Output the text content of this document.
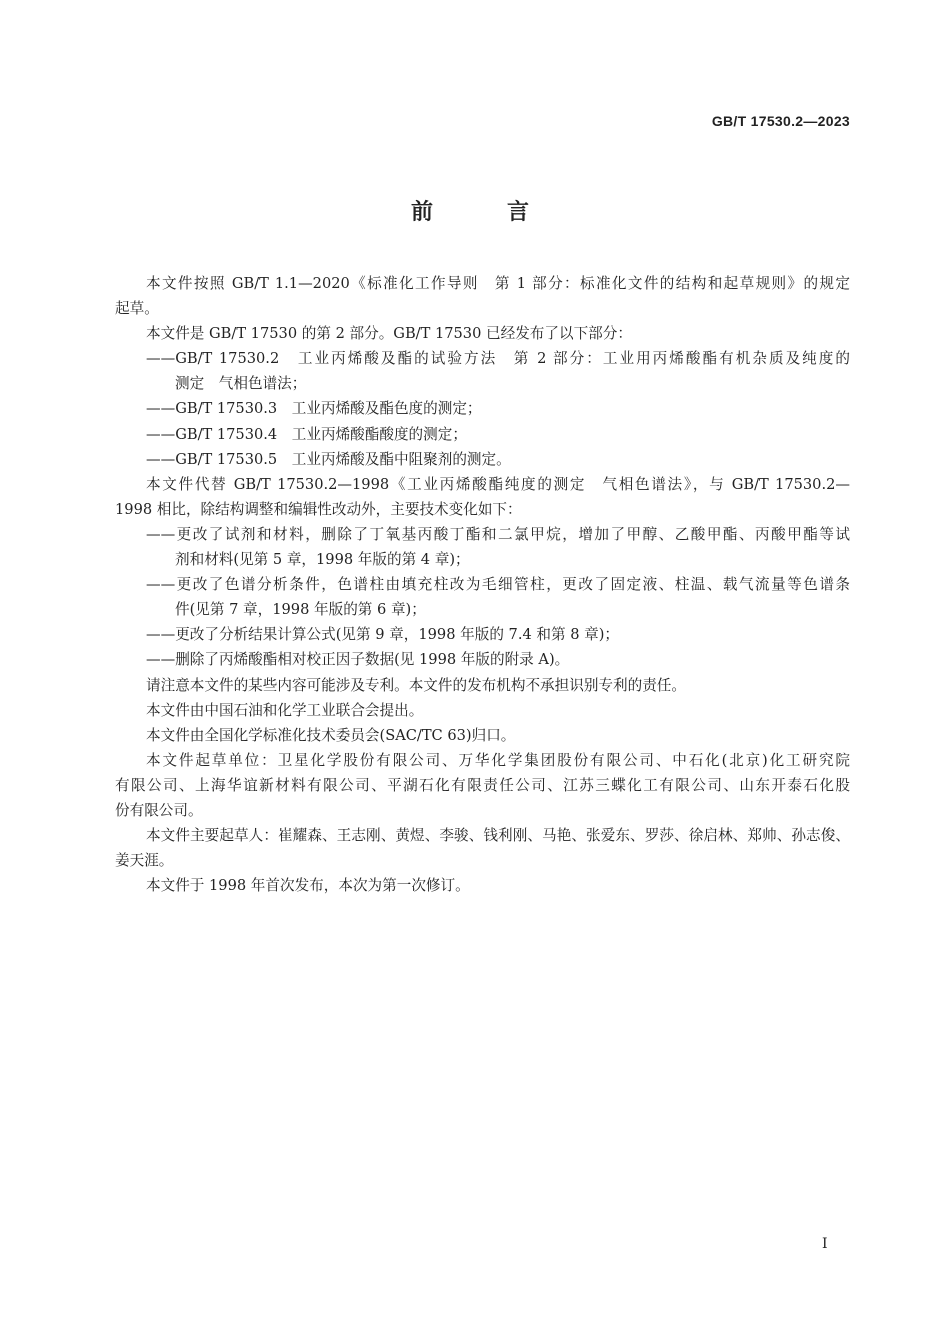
GB/T 17530.2—2023
前　言
本文件按照 GB/T 1.1—2020《标准化工作导则　第 1 部分：标准化文件的结构和起草规则》的规定
起草。
本文件是 GB/T 17530 的第 2 部分。GB/T 17530 已经发布了以下部分：
——GB/T 17530.2　工业丙烯酸及酯的试验方法　第 2 部分：工业用丙烯酸酯有机杂质及纯度的
测定　气相色谱法；
——GB/T 17530.3　工业丙烯酸及酯色度的测定；
——GB/T 17530.4　工业丙烯酸酯酸度的测定；
——GB/T 17530.5　工业丙烯酸及酯中阻聚剂的测定。
本文件代替 GB/T 17530.2—1998《工业丙烯酸酯纯度的测定　气相色谱法》，与 GB/T 17530.2—
1998 相比，除结构调整和编辑性改动外，主要技术变化如下：
——更改了试剂和材料，删除了丁氧基丙酸丁酯和二氯甲烷，增加了甲醇、乙酸甲酯、丙酸甲酯等试
剂和材料(见第 5 章，1998 年版的第 4 章)；
——更改了色谱分析条件，色谱柱由填充柱改为毛细管柱，更改了固定液、柱温、载气流量等色谱条
件(见第 7 章，1998 年版的第 6 章)；
——更改了分析结果计算公式(见第 9 章，1998 年版的 7.4 和第 8 章)；
——删除了丙烯酸酯相对校正因子数据(见 1998 年版的附录 A)。
请注意本文件的某些内容可能涉及专利。本文件的发布机构不承担识别专利的责任。
本文件由中国石油和化学工业联合会提出。
本文件由全国化学标准化技术委员会(SAC/TC 63)归口。
本文件起草单位：卫星化学股份有限公司、万华化学集团股份有限公司、中石化(北京)化工研究院
有限公司、上海华谊新材料有限公司、平湖石化有限责任公司、江苏三蝶化工有限公司、山东开泰石化股
份有限公司。
本文件主要起草人：崔耀森、王志刚、黄煜、李骏、钱利刚、马艳、张爱东、罗莎、徐启林、郑帅、孙志俊、
姜天涯。
本文件于 1998 年首次发布，本次为第一次修订。
I
